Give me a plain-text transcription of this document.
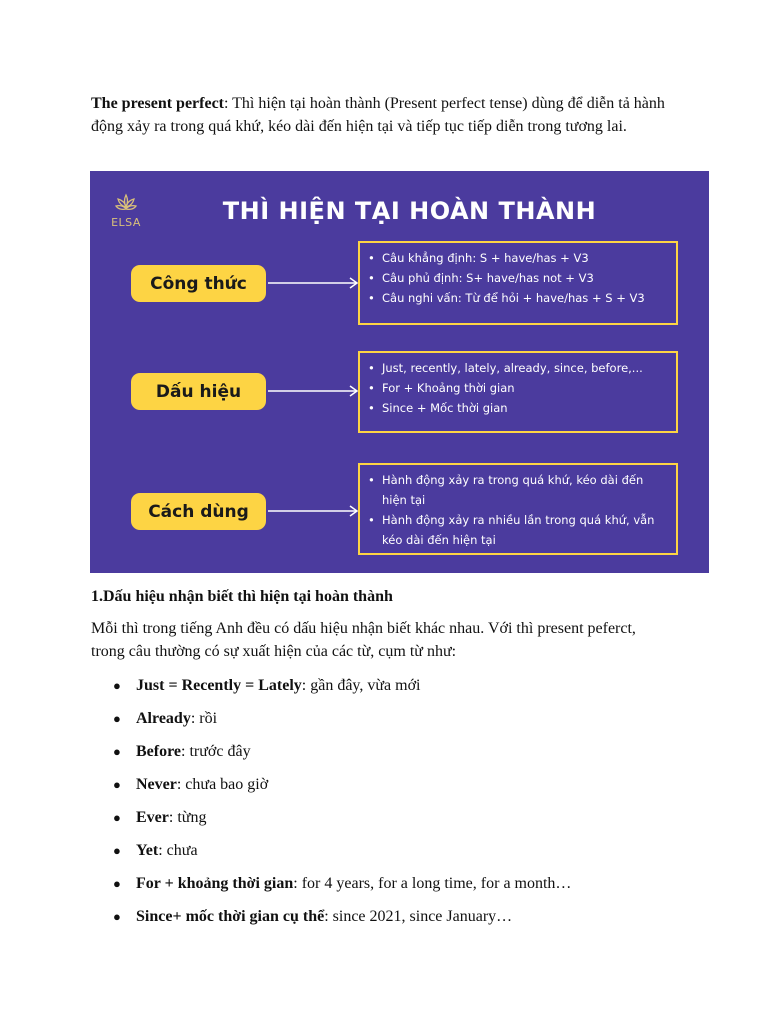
The present perfect: Thì hiện tại hoàn thành (Present perfect tense) dùng để diễn tả hành động xảy ra trong quá khứ, kéo dài đến hiện tại và tiếp tục tiếp diễn trong tương lai.

ELSA	THÌ HIỆN TẠI HOÀN THÀNH
Công thức
• Câu khẳng định: S + have/has + V3
• Câu phủ định: S+ have/has not + V3
• Câu nghi vấn: Từ để hỏi + have/has + S + V3
Dấu hiệu
• Just, recently, lately, already, since, before,...
• For + Khoảng thời gian
• Since + Mốc thời gian
Cách dùng
• Hành động xảy ra trong quá khứ, kéo dài đến hiện tại
• Hành động xảy ra nhiều lần trong quá khứ, vẫn kéo dài đến hiện tại
1.Dấu hiệu nhận biết thì hiện tại hoàn thành

Mỗi thì trong tiếng Anh đều có dấu hiệu nhận biết khác nhau. Với thì present peferct, trong câu thường có sự xuất hiện của các từ, cụm từ như:

● Just = Recently = Lately: gần đây, vừa mới
● Already: rồi
● Before: trước đây
● Never: chưa bao giờ
● Ever: từng
● Yet: chưa
● For + khoảng thời gian: for 4 years, for a long time, for a month…
● Since+ mốc thời gian cụ thể: since 2021, since January…
